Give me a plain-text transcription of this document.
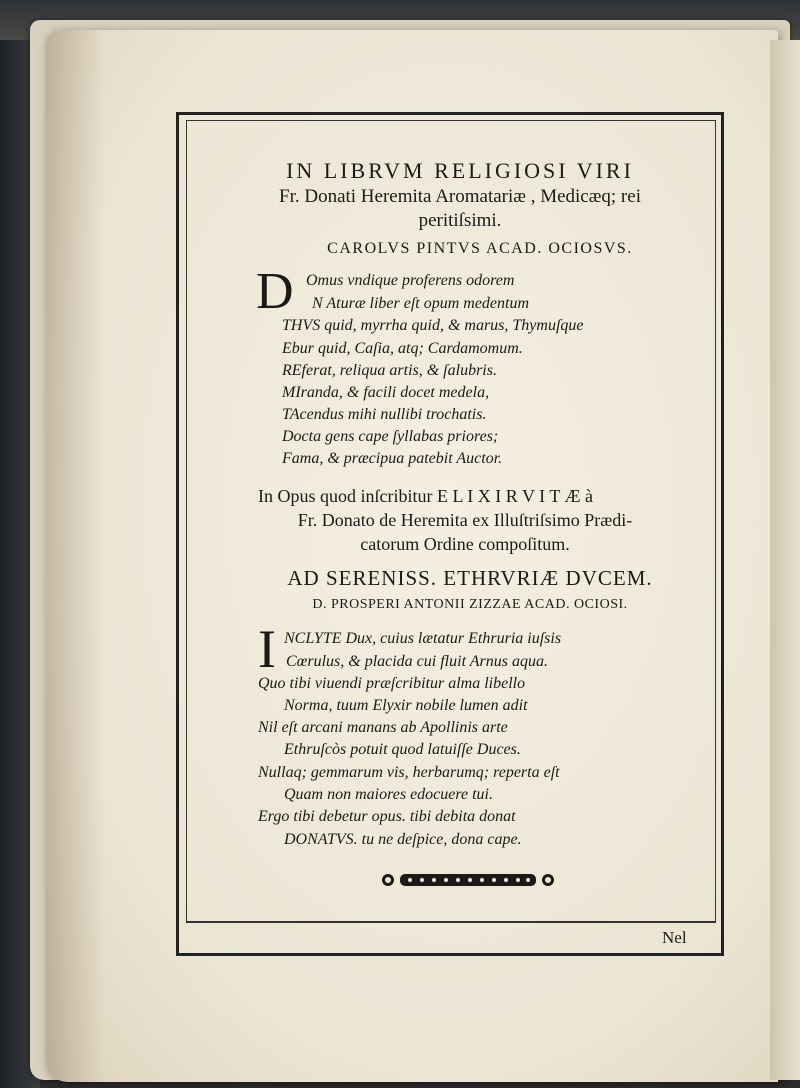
IN LIBRVM RELIGIOSI VIRI

Fr. Donati Heremita Aromatariæ , Medicæq; rei

peritiſsimi.

CAROLVS PINTVS ACAD. OCIOSVS.

D Omus vndique proferens odorem

N Aturæ liber eſt opum medentum

THVS quid, myrrha quid, & marus, Thymuſque

Ebur quid, Caſia, atq; Cardamomum.

REferat, reliqua artis, & ſalubris.

MIranda, & facili docet medela,

TAcendus mihi nullibi trochatis.

Docta gens cape ſyllabas priores;

Fama, & præcipua patebit Auctor.

In Opus quod inſcribitur E L I X I R V I T Æ à

Fr. Donato de Heremita ex Illuſtriſsimo Prædi-

catorum Ordine compoſitum.

AD SERENISS. ETHRVRIÆ DVCEM.

D. PROSPERI ANTONII ZIZZAE ACAD. OCIOSI.

I NCLYTE Dux, cuius lætatur Ethruria iuſsis

Cœrulus, & placida cui fluit Arnus aqua.

Quo tibi viuendi præſcribitur alma libello

Norma, tuum Elyxir nobile lumen adit

Nil eſt arcani manans ab Apollinis arte

Ethruſcòs potuit quod latuiſſe Duces.

Nullaq; gemmarum vis, herbarumq; reperta eſt

Quam non maiores edocuere tui.

Ergo tibi debetur opus. tibi debita donat

DONATVS. tu ne deſpice, dona cape.

Nel
